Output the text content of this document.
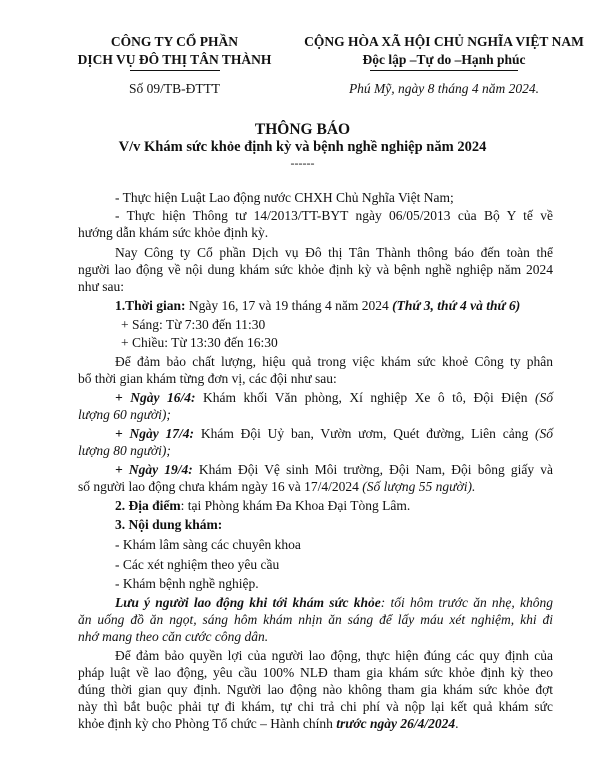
CÔNG TY CỔ PHẦN
DỊCH VỤ ĐÔ THỊ TÂN THÀNH
Số 09/TB-ĐTTT
CỘNG HÒA XÃ HỘI CHỦ NGHĨA VIỆT NAM
Độc lập –Tự do –Hạnh phúc
Phú Mỹ, ngày 8 tháng 4 năm 2024.
THÔNG BÁO
V/v Khám sức khỏe định kỳ và bệnh nghề nghiệp năm 2024
------
- Thực hiện Luật Lao động nước CHXH Chủ Nghĩa Việt Nam;
- Thực hiện Thông tư 14/2013/TT-BYT ngày 06/05/2013 của Bộ Y tế về
hướng dẫn khám sức khỏe định kỳ.
Nay Công ty Cổ phần Dịch vụ Đô thị Tân Thành thông báo đến toàn thể
người lao động về nội dung khám sức khỏe định kỳ và bệnh nghề nghiệp năm 2024
như sau:
1.Thời gian: Ngày 16, 17 và 19 tháng 4 năm 2024 (Thứ 3, thứ 4 và thứ 6)
+ Sáng: Từ 7:30 đến 11:30
+ Chiều: Từ 13:30 đến 16:30
Để đảm bảo chất lượng, hiệu quả trong việc khám sức khoẻ Công ty phân
bổ thời gian khám từng đơn vị, các đội như sau:
+ Ngày 16/4: Khám khối Văn phòng, Xí nghiệp Xe ô tô, Đội Điện (Số
lượng 60 người);
+ Ngày 17/4: Khám Đội Uỷ ban, Vườn ươm, Quét đường, Liên cảng (Số
lượng 80 người);
+ Ngày 19/4: Khám Đội Vệ sinh Môi trường, Đội Nam, Đội bông giấy và
số người lao động chưa khám ngày 16 và 17/4/2024 (Số lượng 55 người).
2. Địa điểm: tại Phòng khám Đa Khoa Đại Tòng Lâm.
3. Nội dung khám:
- Khám lâm sàng các chuyên khoa
- Các xét nghiệm theo yêu cầu
- Khám bệnh nghề nghiệp.
Lưu ý người lao động khi tới khám sức khỏe: tối hôm trước ăn nhẹ, không
ăn uống đồ ăn ngọt, sáng hôm khám nhịn ăn sáng để lấy máu xét nghiệm, khi đi
nhớ mang theo căn cước công dân.
Để đảm bảo quyền lợi của người lao động, thực hiện đúng các quy định của
pháp luật về lao động, yêu cầu 100% NLĐ tham gia khám sức khỏe định kỳ theo
đúng thời gian quy định. Người lao động nào không tham gia khám sức khỏe đợt
này thì bắt buộc phải tự đi khám, tự chi trả chi phí và nộp lại kết quả khám sức
khỏe định kỳ cho Phòng Tổ chức – Hành chính trước ngày 26/4/2024.
